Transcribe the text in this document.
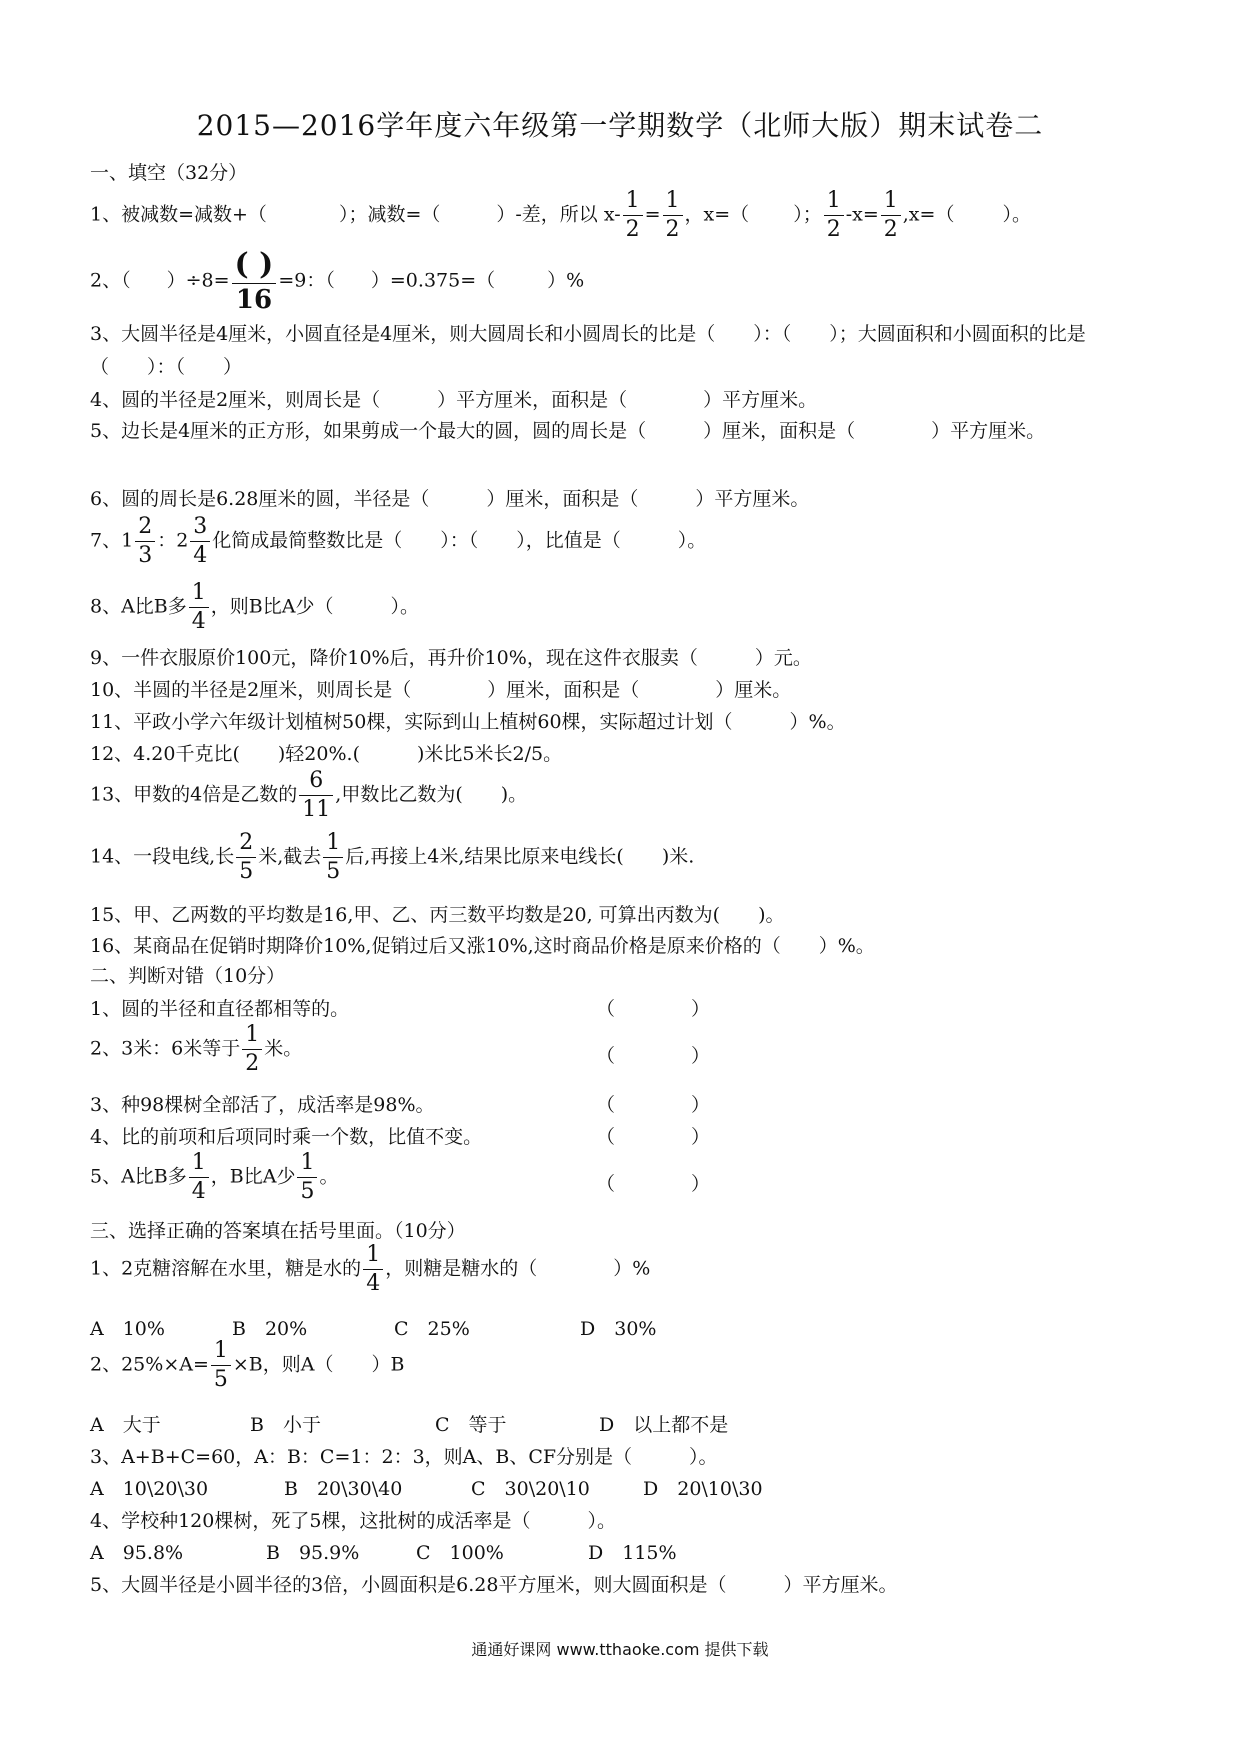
2015—2016学年度六年级第一学期数学（北师大版）期末试卷二
一、填空（32分）
1、被减数=减数+（	）；减数=（	）-差，所以 $x- \frac{1}{2} = \frac{1}{2}$ ，x=（ ）； $\frac{1}{2} -x= \frac{1}{2} ,x=$（	）。
2、（ ）$\div 8= \frac{( )}{16} =9$：（ ）=0.375=（	）%
3、大圆半径是4厘米，小圆直径是4厘米，则大圆周长和小圆周长的比是（　　）：（　　）；大圆面积和小圆面积的比是（　　）：（　　）
4、圆的半径是2厘米，则周长是（　　　）平方厘米，面积是（　　　　）平方厘米。
5、边长是4厘米的正方形，如果剪成一个最大的圆，圆的周长是（　　　）厘米，面积是（　　　　）平方厘米。
6、圆的周长是6.28厘米的圆，半径是（　　　）厘米，面积是（　　　）平方厘米。
7、$1 \frac{2}{3}$ ：$2 \frac{3}{4}$ 化简成最简整数比是（　　）：（　　），比值是（　　　）。
8、A比B多 $\frac{1}{4}$ ，则B比A少（　　　）。
9、一件衣服原价100元，降价10%后，再升价10%，现在这件衣服卖（　　　）元。
10、半圆的半径是2厘米，则周长是（　　　　）厘米，面积是（　　　　）厘米。
11、平政小学六年级计划植树50棵，实际到山上植树60棵，实际超过计划（　　　）%。
12、4.20千克比(　　)轻20%.(　　　)米比5米长2/5。
13、甲数的4倍是乙数的 $\frac{6}{11}$ ,甲数比乙数为(　　)。
14、一段电线,长 $\frac{2}{5}$ 米,截去 $\frac{1}{5}$ 后,再接上4米,结果比原来电线长(　　)米.
15、甲、乙两数的平均数是16,甲、乙、丙三数平均数是20, 可算出丙数为(　　)。
16、某商品在促销时期降价10%,促销过后又涨10%,这时商品价格是原来价格的（　　）%。
二、判断对错（10分）
1、圆的半径和直径都相等的。	（　　　　）
2、3米：6米等于 $\frac{1}{2}$ 米。	（　　　　）
3、种98棵树全部活了，成活率是98%。	（　　　　）
4、比的前项和后项同时乘一个数，比值不变。	（　　　　）
5、A比B多 $\frac{1}{4}$ ，B比A少 $\frac{1}{5}$ 。	（　　　　）
三、选择正确的答案填在括号里面。（10分）
1、2克糖溶解在水里，糖是水的 $\frac{1}{4}$ ，则糖是糖水的（　　　　）%
A　10%	B　20%	C　25%	D　30%
2、$25\%\times A= \frac{1}{5} \times B$，则A（　　）B
A　大于	B　小于	C　等于	D　以上都不是
3、A+B+C=60，A：B：C=1：2：3，则A、B、CF分别是（　　　）。
A　10\20\30	B　20\30\40	C　30\20\10	D　20\10\30
4、学校种120棵树，死了5棵，这批树的成活率是（　　　）。
A　95.8%	B　95.9%	C　100%	D　115%
5、大圆半径是小圆半径的3倍，小圆面积是6.28平方厘米，则大圆面积是（　　　）平方厘米。
通通好课网 www.tthaoke.com 提供下载
